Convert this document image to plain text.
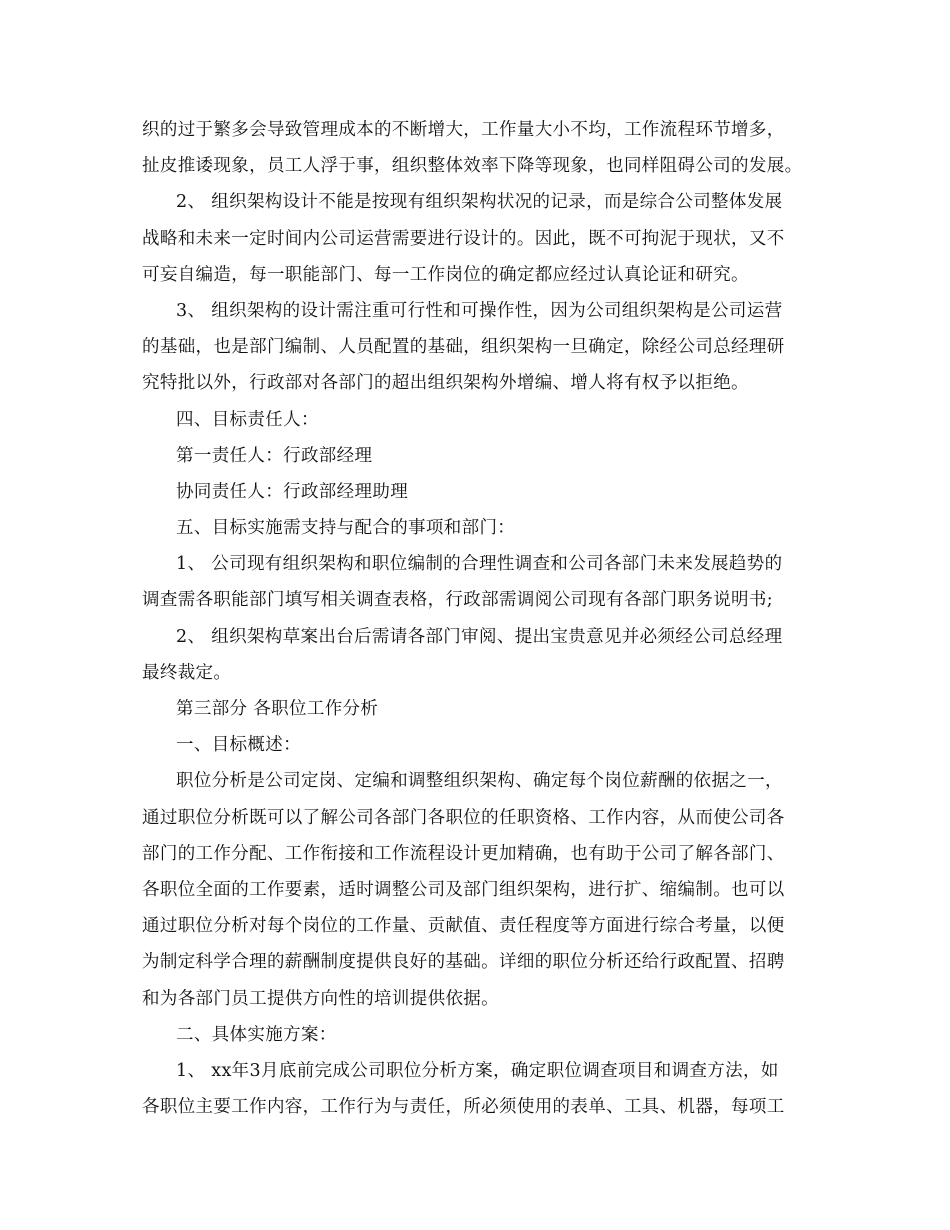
织的过于繁多会导致管理成本的不断增大，工作量大小不均，工作流程环节增多，
扯皮推诿现象，员工人浮于事，组织整体效率下降等现象，也同样阻碍公司的发展。
2、 组织架构设计不能是按现有组织架构状况的记录，而是综合公司整体发展
战略和未来一定时间内公司运营需要进行设计的。因此，既不可拘泥于现状，又不
可妄自编造，每一职能部门、每一工作岗位的确定都应经过认真论证和研究。
3、 组织架构的设计需注重可行性和可操作性，因为公司组织架构是公司运营
的基础，也是部门编制、人员配置的基础，组织架构一旦确定，除经公司总经理研
究特批以外，行政部对各部门的超出组织架构外增编、增人将有权予以拒绝。
四、目标责任人：
第一责任人：行政部经理
协同责任人：行政部经理助理
五、目标实施需支持与配合的事项和部门：
1、 公司现有组织架构和职位编制的合理性调查和公司各部门未来发展趋势的
调查需各职能部门填写相关调查表格，行政部需调阅公司现有各部门职务说明书;
2、 组织架构草案出台后需请各部门审阅、提出宝贵意见并必须经公司总经理
最终裁定。
第三部分 各职位工作分析
一、目标概述：
职位分析是公司定岗、定编和调整组织架构、确定每个岗位薪酬的依据之一，
通过职位分析既可以了解公司各部门各职位的任职资格、工作内容，从而使公司各
部门的工作分配、工作衔接和工作流程设计更加精确，也有助于公司了解各部门、
各职位全面的工作要素，适时调整公司及部门组织架构，进行扩、缩编制。也可以
通过职位分析对每个岗位的工作量、贡献值、责任程度等方面进行综合考量，以便
为制定科学合理的薪酬制度提供良好的基础。详细的职位分析还给行政配置、招聘
和为各部门员工提供方向性的培训提供依据。
二、具体实施方案：
1、 xx年3月底前完成公司职位分析方案，确定职位调查项目和调查方法，如
各职位主要工作内容，工作行为与责任，所必须使用的表单、工具、机器，每项工
